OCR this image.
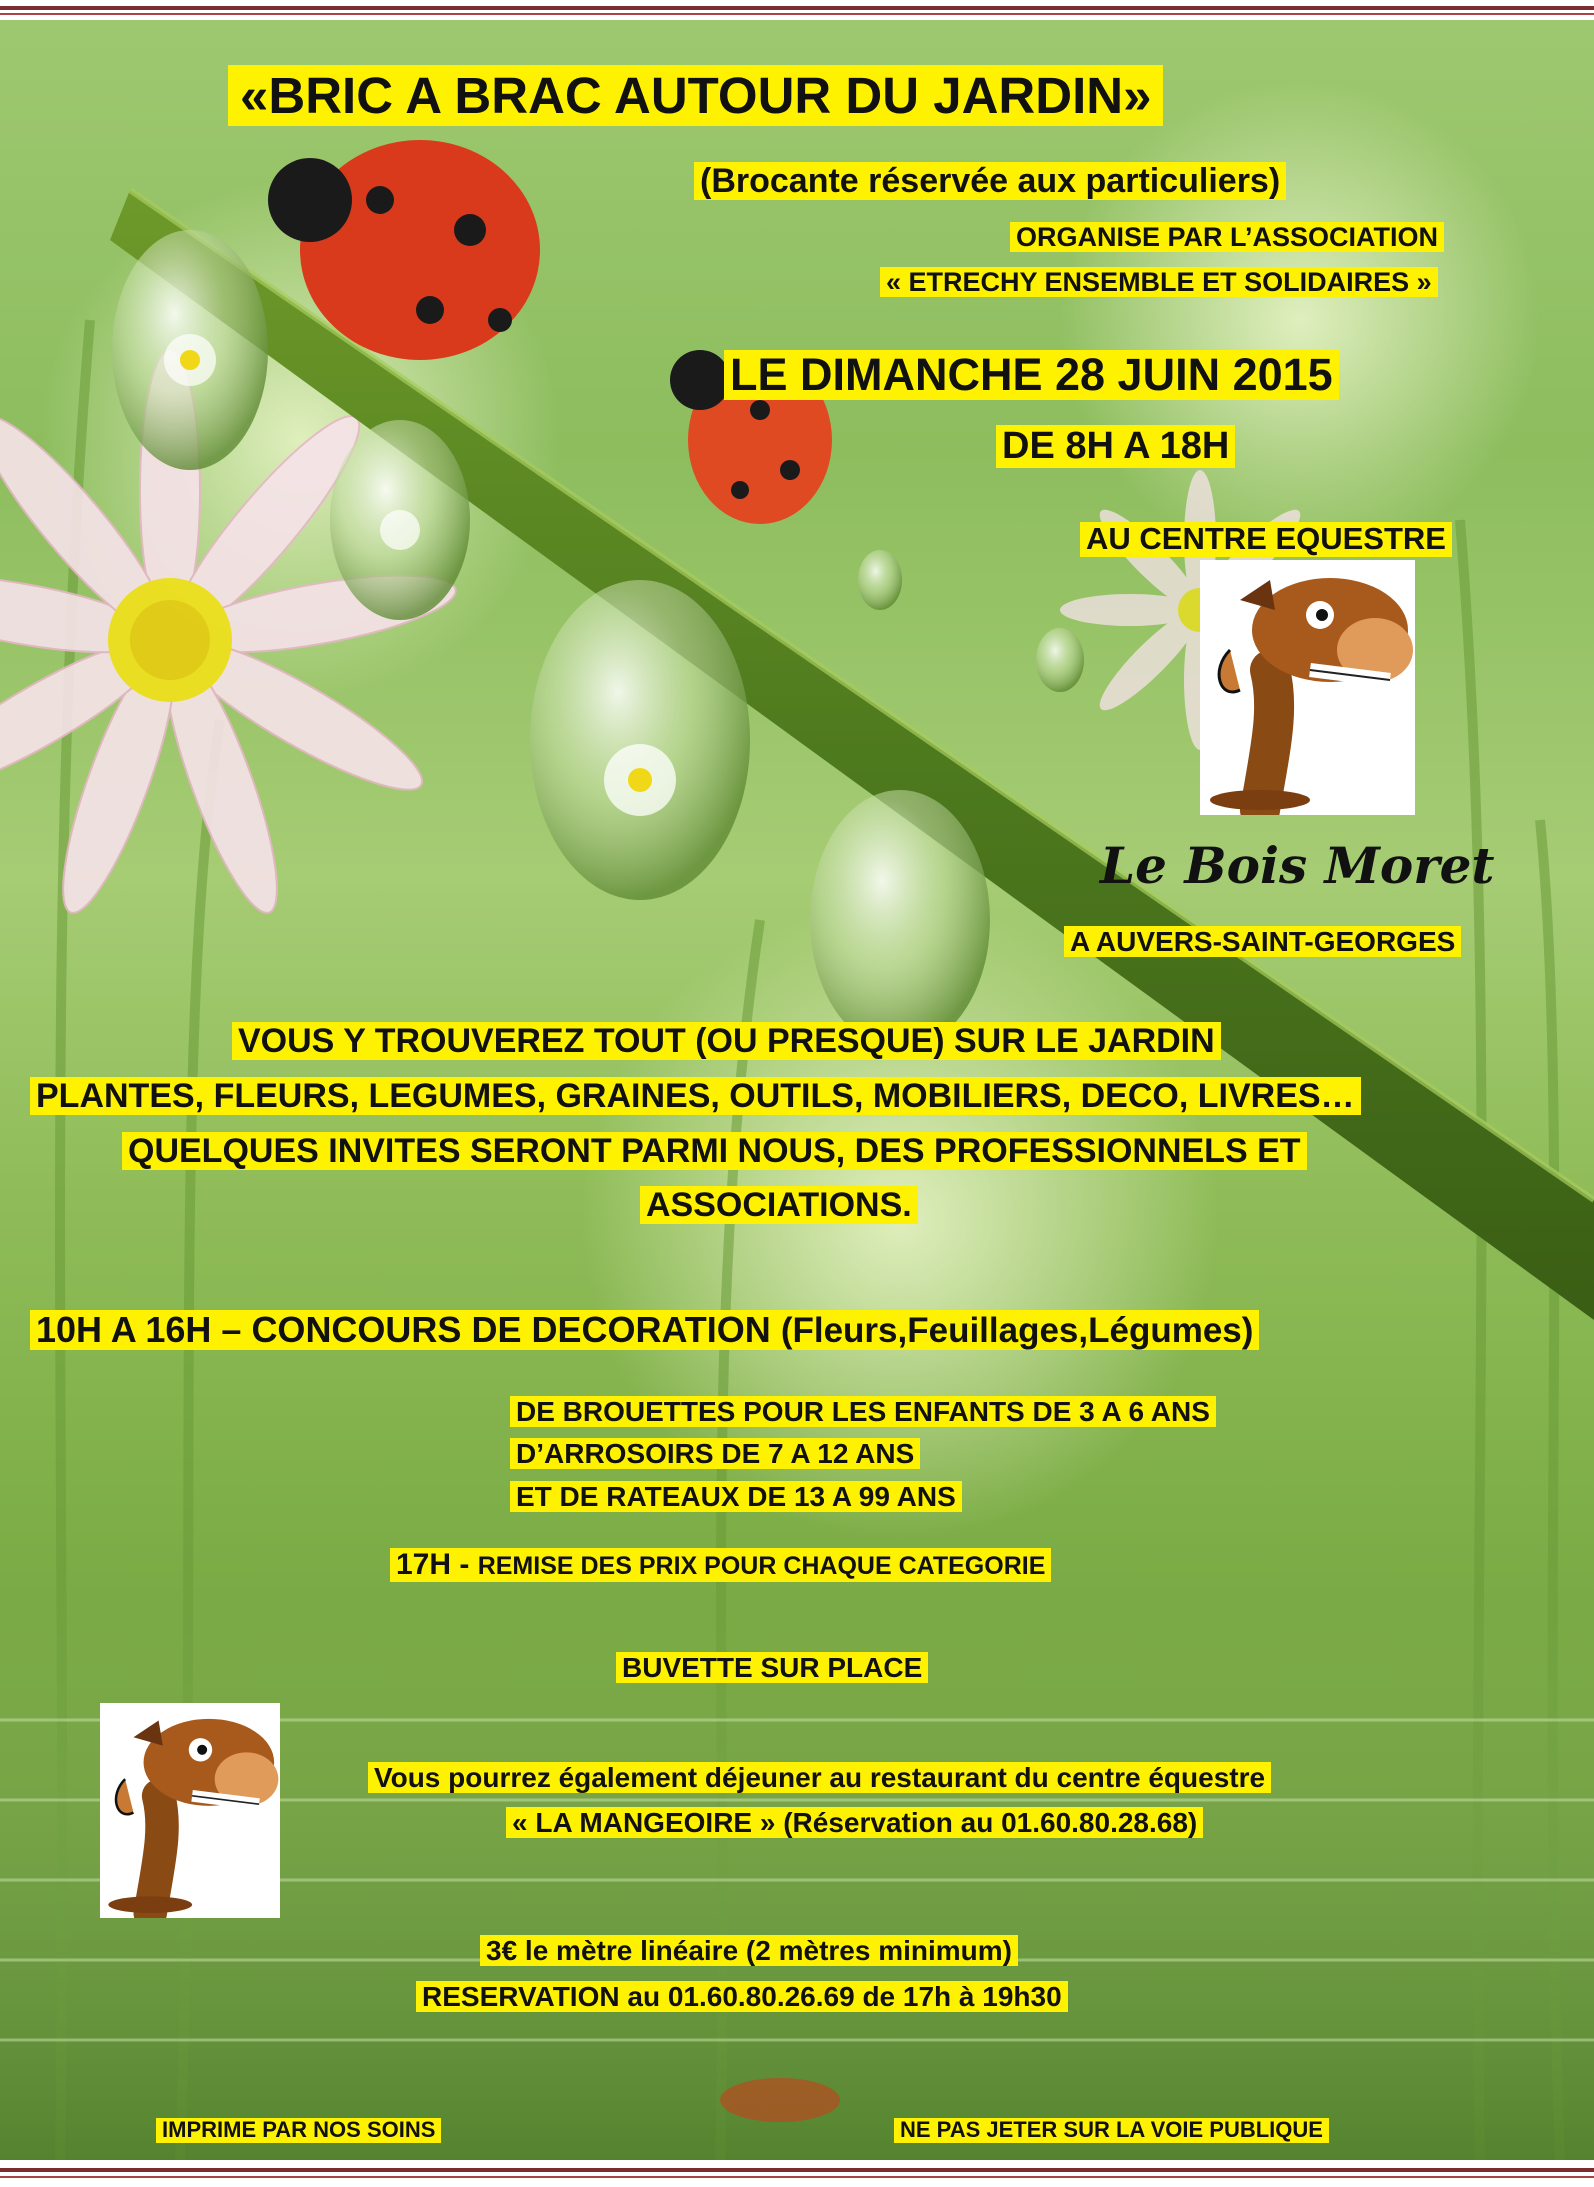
«BRIC A BRAC AUTOUR DU JARDIN»
(Brocante réservée aux particuliers)
ORGANISE PAR L’ASSOCIATION
« ETRECHY ENSEMBLE ET SOLIDAIRES »
LE DIMANCHE 28 JUIN 2015
DE 8H A 18H
AU CENTRE EQUESTRE
Le Bois Moret
A AUVERS-SAINT-GEORGES
VOUS Y TROUVEREZ TOUT (OU PRESQUE) SUR LE JARDIN
PLANTES, FLEURS, LEGUMES, GRAINES, OUTILS, MOBILIERS, DECO, LIVRES…
QUELQUES INVITES SERONT PARMI NOUS, DES PROFESSIONNELS ET
ASSOCIATIONS.
10H A 16H – CONCOURS DE DECORATION (Fleurs,Feuillages,Légumes)
DE BROUETTES POUR LES ENFANTS DE 3 A 6 ANS
D’ARROSOIRS DE 7 A 12 ANS
ET DE RATEAUX DE 13 A 99 ANS
17H - REMISE DES PRIX POUR CHAQUE CATEGORIE
BUVETTE SUR PLACE
Vous pourrez également déjeuner au restaurant du centre équestre
« LA MANGEOIRE » (Réservation au 01.60.80.28.68)
3€ le mètre linéaire (2 mètres minimum)
RESERVATION au 01.60.80.26.69 de 17h à 19h30
IMPRIME PAR NOS SOINS	NE PAS JETER SUR LA VOIE PUBLIQUE
